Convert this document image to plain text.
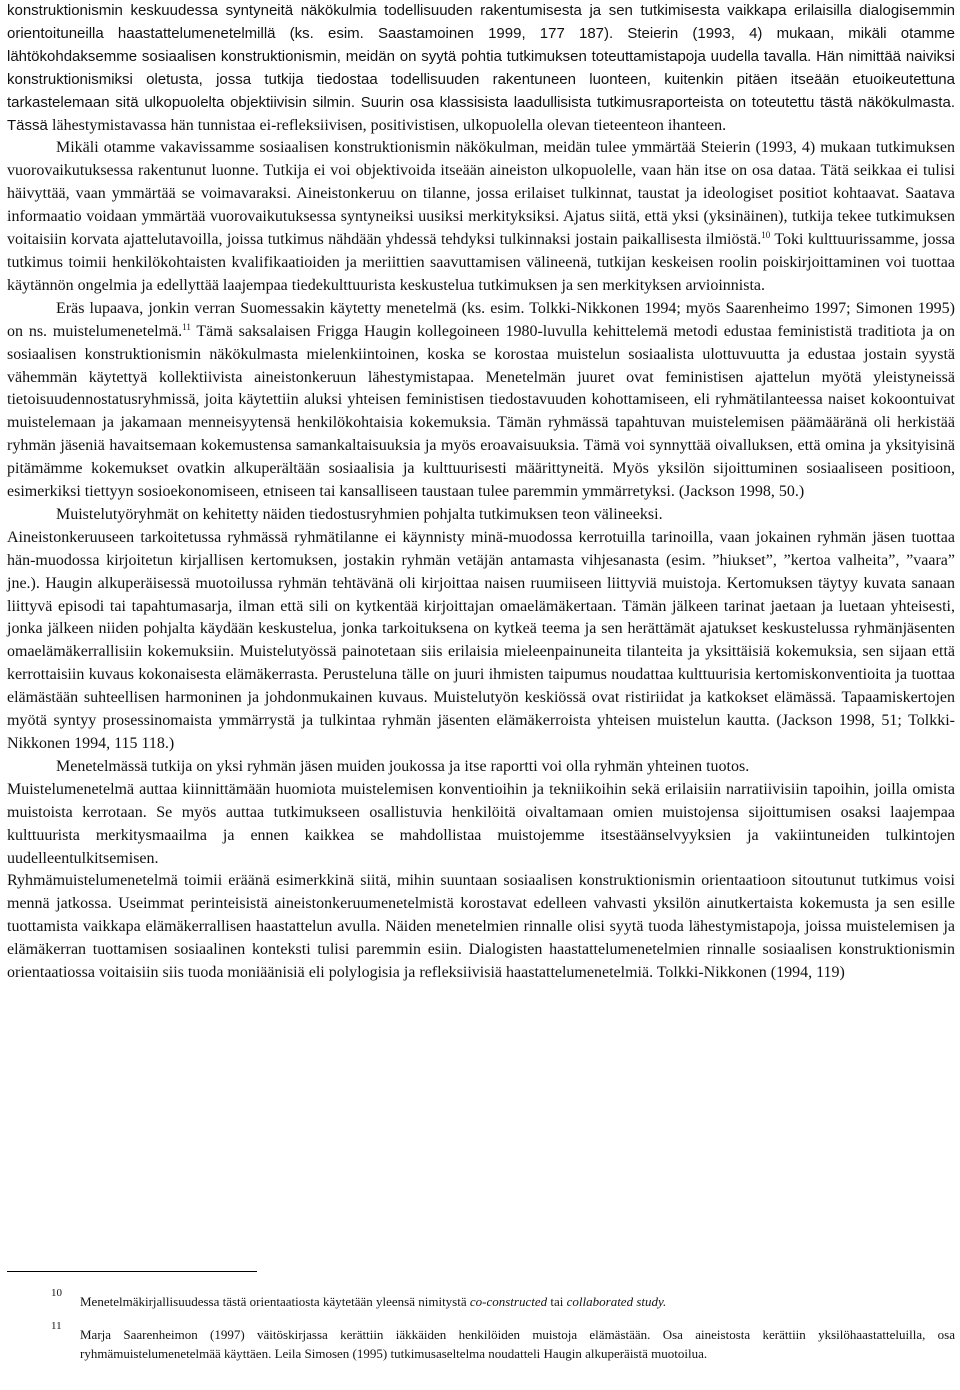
konstruktionismin keskuudessa syntyneitä näkökulmia todellisuuden rakentumisesta ja sen tutkimisesta vaikkapa erilaisilla dialogisemmin orientoituneilla haastattelumenetelmillä (ks. esim. Saastamoinen 1999, 177 187). Steierin (1993, 4) mukaan, mikäli otamme lähtökohdaksemme sosiaalisen konstruktionismin, meidän on syytä pohtia tutkimuksen toteuttamistapoja uudella tavalla. Hän nimittää naiviksi konstruktionismiksi oletusta, jossa tutkija tiedostaa todellisuuden rakentuneen luonteen, kuitenkin pitäen itseään etuoikeutettuna tarkastelemaan sitä ulkopuolelta objektiivisin silmin. Suurin osa klassisista laadullisista tutkimusraporteista on toteutettu tästä näkökulmasta. Tässä lähestymistavassa hän tunnistaa ei-refleksiivisen, positivistisen, ulkopuolella olevan tieteenteon ihanteen.

Mikäli otamme vakavissamme sosiaalisen konstruktionismin näkökulman, meidän tulee ymmärtää Steierin (1993, 4) mukaan tutkimuksen vuorovaikutuksessa rakentunut luonne. Tutkija ei voi objektivoida itseään aineiston ulkopuolelle, vaan hän itse on osa dataa. Tätä seikkaa ei tulisi häivyttää, vaan ymmärtää se voimavaraksi. Aineistonkeruu on tilanne, jossa erilaiset tulkinnat, taustat ja ideologiset positiot kohtaavat. Saatava informaatio voidaan ymmärtää vuorovaikutuksessa syntyneiksi uusiksi merkityksiksi. Ajatus siitä, että yksi (yksinäinen), tutkija tekee tutkimuksen voitaisiin korvata ajattelutavoilla, joissa tutkimus nähdään yhdessä tehdyksi tulkinnaksi jostain paikallisesta ilmiöstä.$^{10}$ Toki kulttuurissamme, jossa tutkimus toimii henkilökohtaisten kvalifikaatioiden ja meriittien saavuttamisen välineenä, tutkijan keskeisen roolin poiskirjoittaminen voi tuottaa käytännön ongelmia ja edellyttää laajempaa tiedekulttuurista keskustelua tutkimuksen ja sen merkityksen arvioinnista.

Eräs lupaava, jonkin verran Suomessakin käytetty menetelmä (ks. esim. Tolkki-Nikkonen 1994; myös Saarenheimo 1997; Simonen 1995) on ns. muistelumenetelmä.$^{11}$ Tämä saksalaisen Frigga Haugin kollegoineen 1980-luvulla kehittelemä metodi edustaa feminististä traditiota ja on sosiaalisen konstruktionismin näkökulmasta mielenkiintoinen, koska se korostaa muistelun sosiaalista ulottuvuutta ja edustaa jostain syystä vähemmän käytettyä kollektiivista aineistonkeruun lähestymistapaa. Menetelmän juuret ovat feministisen ajattelun myötä yleistyneissä tietoisuudennostatusryhmissä, joita käytettiin aluksi yhteisen feministisen tiedostavuuden kohottamiseen, eli ryhmätilanteessa naiset kokoontuivat muistelemaan ja jakamaan menneisyytensä henkilökohtaisia kokemuksia. Tämän ryhmässä tapahtuvan muistelemisen päämääränä oli herkistää ryhmän jäseniä havaitsemaan kokemustensa samankaltaisuuksia ja myös eroavaisuuksia. Tämä voi synnyttää oivalluksen, että omina ja yksityisinä pitämämme kokemukset ovatkin alkuperältään sosiaalisia ja kulttuurisesti määrittyneitä. Myös yksilön sijoittuminen sosiaaliseen positioon, esimerkiksi tiettyyn sosioekonomiseen, etniseen tai kansalliseen taustaan tulee paremmin ymmärretyksi. (Jackson 1998, 50.)

Muistelutyöryhmät on kehitetty näiden tiedostusryhmien pohjalta tutkimuksen teon välineeksi.

Aineistonkeruuseen tarkoitetussa ryhmässä ryhmätilanne ei käynnisty minä-muodossa kerrotuilla tarinoilla, vaan jokainen ryhmän jäsen tuottaa hän-muodossa kirjoitetun kirjallisen kertomuksen, jostakin ryhmän vetäjän antamasta vihjesanasta (esim. ”hiukset”, ”kertoa valheita”, ”vaara” jne.). Haugin alkuperäisessä muotoilussa ryhmän tehtävänä oli kirjoittaa naisen ruumiiseen liittyviä muistoja. Kertomuksen täytyy kuvata sanaan liittyvä episodi tai tapahtumasarja, ilman että sili on kytkentää kirjoittajan omaelämäkertaan. Tämän jälkeen tarinat jaetaan ja luetaan yhteisesti, jonka jälkeen niiden pohjalta käydään keskustelua, jonka tarkoituksena on kytkeä teema ja sen herättämät ajatukset keskustelussa ryhmänjäsenten omaelämäkerrallisiin kokemuksiin. Muistelutyössä painotetaan siis erilaisia mieleenpainuneita tilanteita ja yksittäisiä kokemuksia, sen sijaan että kerrottaisiin kuvaus kokonaisesta elämäkerrasta. Perusteluna tälle on juuri ihmisten taipumus noudattaa kulttuurisia kertomiskonventioita ja tuottaa elämästään suhteellisen harmoninen ja johdonmukainen kuvaus. Muistelutyön keskiössä ovat ristiriidat ja katkokset elämässä. Tapaamiskertojen myötä syntyy prosessinomaista ymmärrystä ja tulkintaa ryhmän jäsenten elämäkerroista yhteisen muistelun kautta. (Jackson 1998, 51; Tolkki-Nikkonen 1994, 115 118.)

Menetelmässä tutkija on yksi ryhmän jäsen muiden joukossa ja itse raportti voi olla ryhmän yhteinen tuotos.

Muistelumenetelmä auttaa kiinnittämään huomiota muistelemisen konventioihin ja tekniikoihin sekä erilaisiin narratiivisiin tapoihin, joilla omista muistoista kerrotaan. Se myös auttaa tutkimukseen osallistuvia henkilöitä oivaltamaan omien muistojensa sijoittumisen osaksi laajempaa kulttuurista merkitysmaailma ja ennen kaikkea se mahdollistaa muistojemme itsestäänselvyyksien ja vakiintuneiden tulkintojen uudelleentulkitsemisen.

Ryhmämuistelumenetelmä toimii eräänä esimerkkinä siitä, mihin suuntaan sosiaalisen konstruktionismin orientaatioon sitoutunut tutkimus voisi mennä jatkossa. Useimmat perinteisistä aineistonkeruumenetelmistä korostavat edelleen vahvasti yksilön ainutkertaista kokemusta ja sen esille tuottamista vaikkapa elämäkerrallisen haastattelun avulla. Näiden menetelmien rinnalle olisi syytä tuoda lähestymistapoja, joissa muistelemisen ja elämäkerran tuottamisen sosiaalinen konteksti tulisi paremmin esiin. Dialogisten haastattelumenetelmien rinnalle sosiaalisen konstruktionismin orientaatiossa voitaisiin siis tuoda moniäänisiä eli polylogisia ja refleksiivisiä haastattelumenetelmiä. Tolkki-Nikkonen (1994, 119)

10
Menetelmäkirjallisuudessa tästä orientaatiosta käytetään yleensä nimitystä co-constructed tai collaborated study.
11
Marja Saarenheimon (1997) väitöskirjassa kerättiin iäkkäiden henkilöiden muistoja elämästään. Osa aineistosta kerättiin yksilöhaastatteluilla, osa ryhmämuistelumenetelmää käyttäen. Leila Simosen (1995) tutkimusaseltelma noudatteli Haugin alkuperäistä muotoilua.
